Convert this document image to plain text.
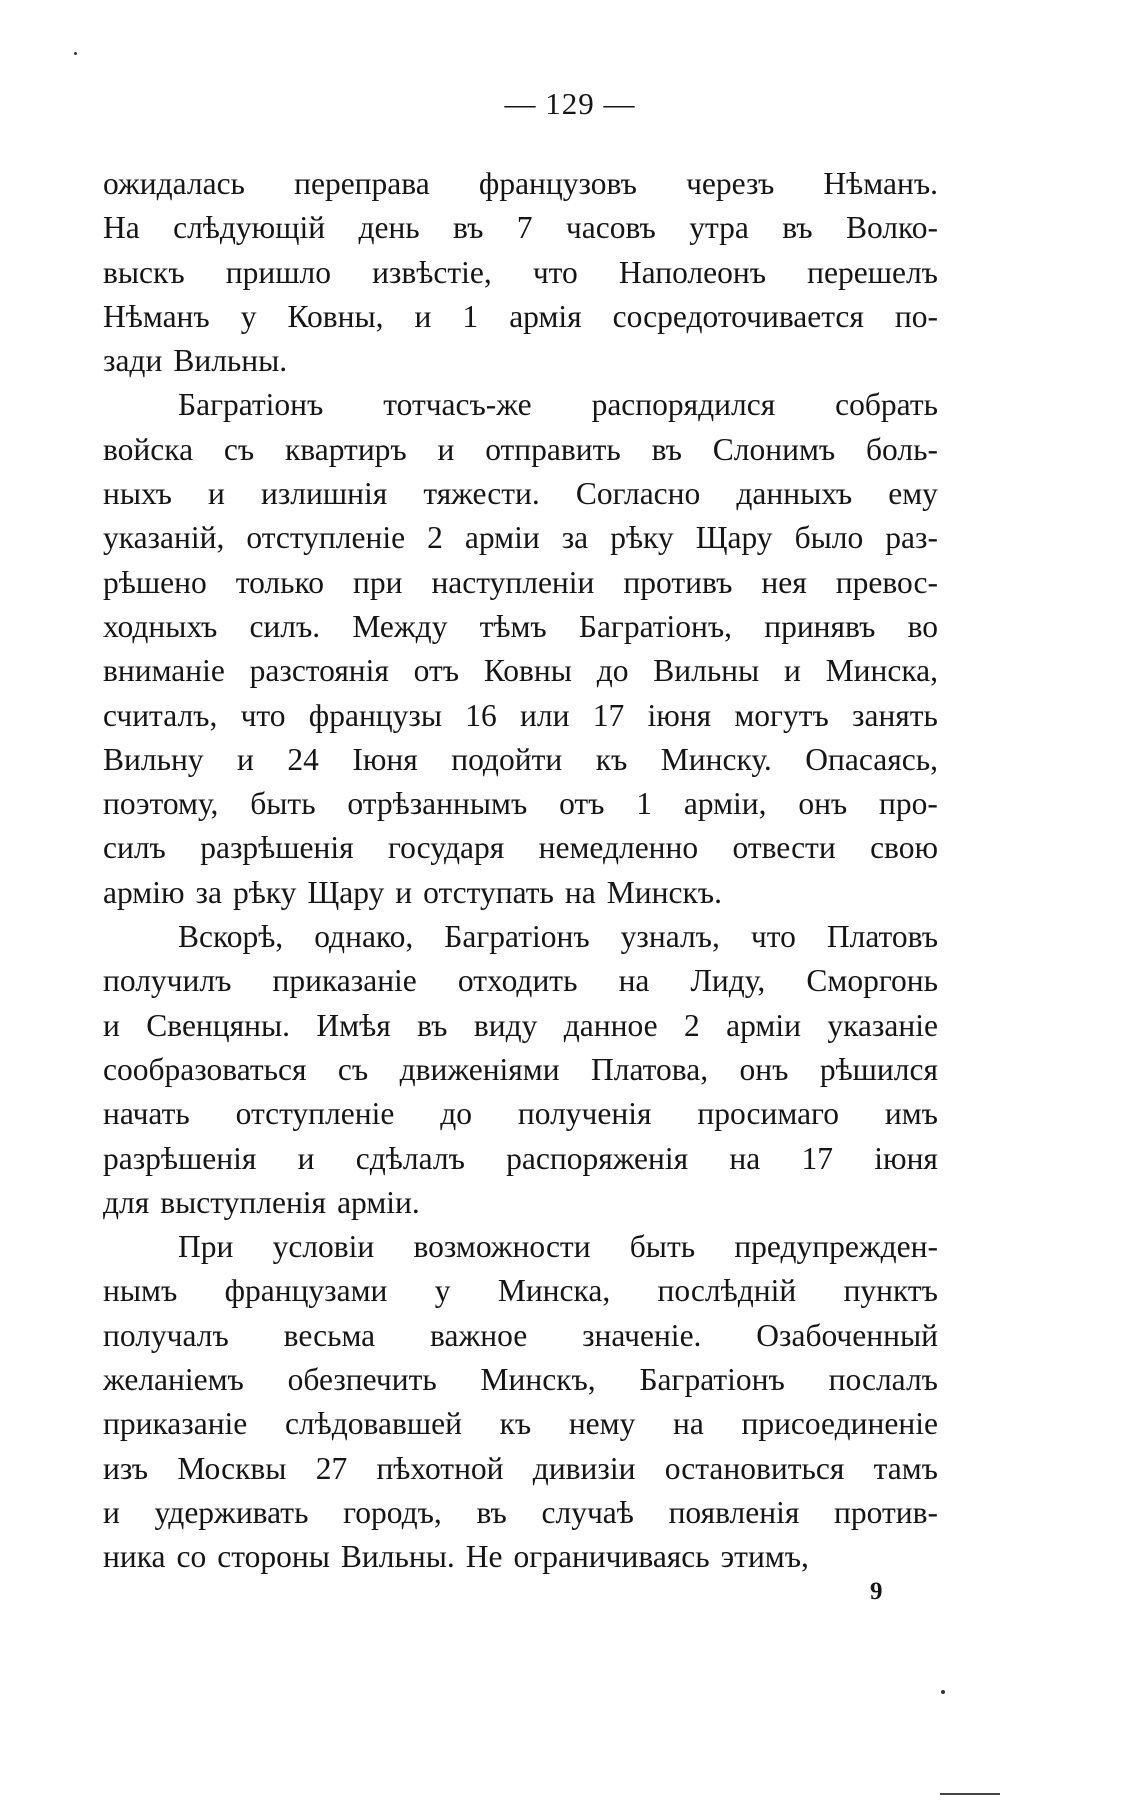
— 129 —
ожидалась переправа французовъ черезъ Нѣманъ.
На слѣдующій день въ 7 часовъ утра въ Волко-
выскъ пришло извѣстіе, что Наполеонъ перешелъ
Нѣманъ у Ковны, и 1 армія сосредоточивается по-
зади Вильны.
Багратіонъ тотчасъ-же распорядился собрать
войска съ квартиръ и отправить въ Слонимъ боль-
ныхъ и излишнія тяжести. Согласно данныхъ ему
указаній, отступленіе 2 арміи за рѣку Щару было раз-
рѣшено только при наступленіи противъ нея превос-
ходныхъ силъ. Между тѣмъ Багратіонъ, принявъ во
вниманіе разстоянія отъ Ковны до Вильны и Минска,
считалъ, что французы 16 или 17 іюня могутъ занять
Вильну и 24 Іюня подойти къ Минску. Опасаясь,
поэтому, быть отрѣзаннымъ отъ 1 арміи, онъ про-
силъ разрѣшенія государя немедленно отвести свою
армію за рѣку Щару и отступать на Минскъ.
Вскорѣ, однако, Багратіонъ узналъ, что Платовъ
получилъ приказаніе отходить на Лиду, Сморгонь
и Свенцяны. Имѣя въ виду данное 2 арміи указаніе
сообразоваться съ движеніями Платова, онъ рѣшился
начать отступленіе до полученія просимаго имъ
разрѣшенія и сдѣлалъ распоряженія на 17 іюня
для выступленія арміи.
При условіи возможности быть предупрежден-
нымъ французами у Минска, послѣдній пунктъ
получалъ весьма важное значеніе. Озабоченный
желаніемъ обезпечить Минскъ, Багратіонъ послалъ
приказаніе слѣдовавшей къ нему на присоединеніе
изъ Москвы 27 пѣхотной дивизіи остановиться тамъ
и удерживать городъ, въ случаѣ появленія против-
ника со стороны Вильны. Не ограничиваясь этимъ,
9
